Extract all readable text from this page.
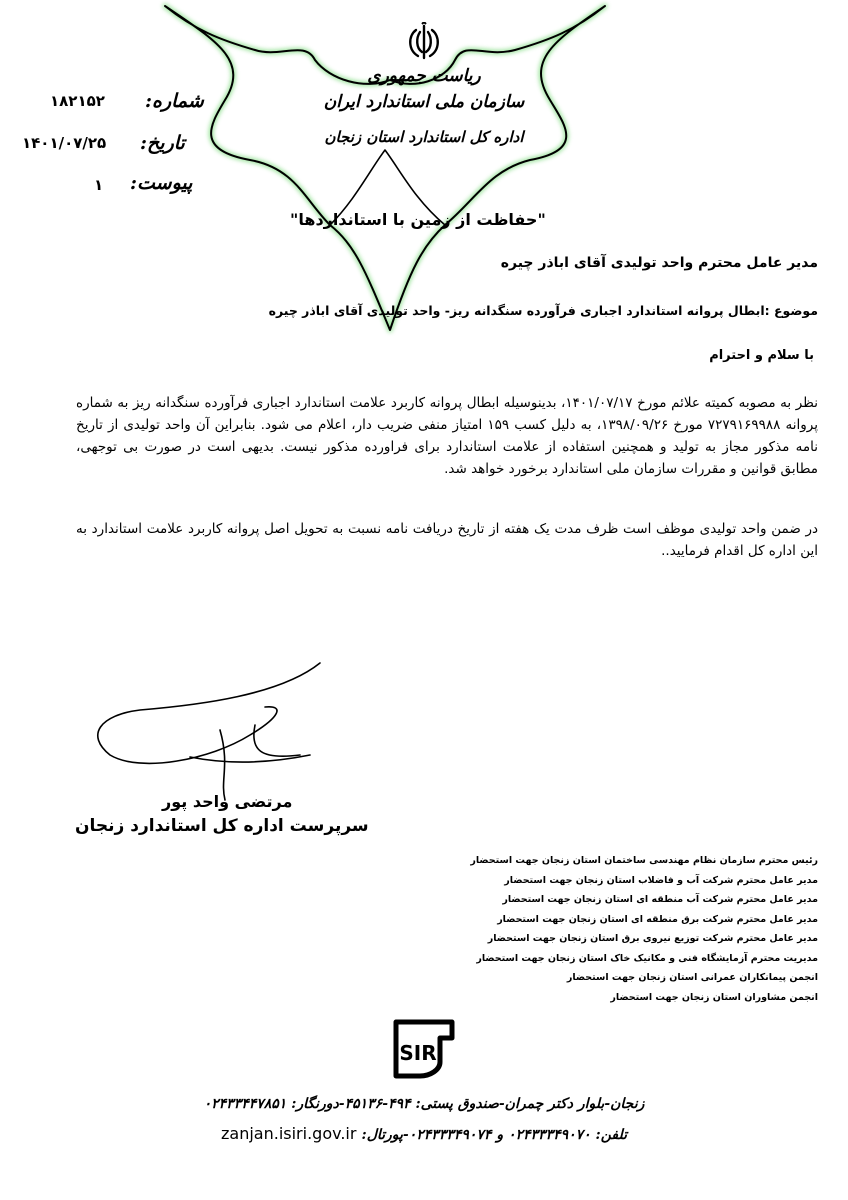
ریاست جمهوری
سازمان ملی استاندارد ایران
اداره کل استاندارد استان زنجان
"حفاظت از زمین با استانداردها"
شماره:
۱۸۲۱۵۲
تاریخ:
۱۴۰۱/۰۷/۲۵
پیوست:
۱
مدیر عامل محترم واحد تولیدی آقای اباذر چیره
موضوع :ابطال پروانه استاندارد اجباری فرآورده سنگدانه ریز- واحد تولیدی آقای اباذر چیره
با سلام و احترام
نظر به مصوبه کمیته علائم مورخ ۱۴۰۱/۰۷/۱۷، بدینوسیله ابطال پروانه کاربرد علامت استاندارد اجباری فرآورده سنگدانه ریز به شماره پروانه ۷۲۷۹۱۶۹۹۸۸ مورخ ۱۳۹۸/۰۹/۲۶، به دلیل کسب ۱۵۹ امتیاز منفی ضریب دار، اعلام می شود. بنابراین آن واحد تولیدی از تاریخ نامه مذکور مجاز به تولید و همچنین استفاده از علامت استاندارد برای فراورده مذکور نیست. بدیهی است در صورت بی توجهی، مطابق قوانین و مقررات سازمان ملی استاندارد برخورد خواهد شد.
در ضمن واحد تولیدی موظف است ظرف مدت یک هفته از تاریخ دریافت نامه نسبت به تحویل اصل پروانه کاربرد علامت استاندارد به این اداره کل اقدام فرمایید..
مرتضی واحد پور
سرپرست اداره کل استاندارد زنجان
رئیس محترم سازمان نظام مهندسی ساختمان استان زنجان جهت استحضار
مدیر عامل محترم شرکت آب و فاضلاب استان زنجان جهت استحضار
مدیر عامل محترم شرکت آب منطقه ای استان زنجان جهت استحضار
مدیر عامل محترم شرکت برق منطقه ای استان زنجان جهت استحضار
مدیر عامل محترم شرکت توزیع نیروی برق استان زنجان جهت استحضار
مدیریت محترم آزمایشگاه فنی و مکانیک خاک استان زنجان جهت استحضار
انجمن پیمانکاران عمرانی استان زنجان جهت استحضار
انجمن مشاوران استان زنجان جهت استحضار
ISIRI
زنجان-بلوار دکتر چمران-صندوق پستی: ۴۹۴-۴۵۱۳۶-دورنگار: ۰۲۴۳۳۴۴۷۸۵۱
تلفن: ۰۲۴۳۳۳۴۹۰۷۰ و ۰۲۴۳۳۳۴۹۰۷۴-پورتال: zanjan.isiri.gov.ir
